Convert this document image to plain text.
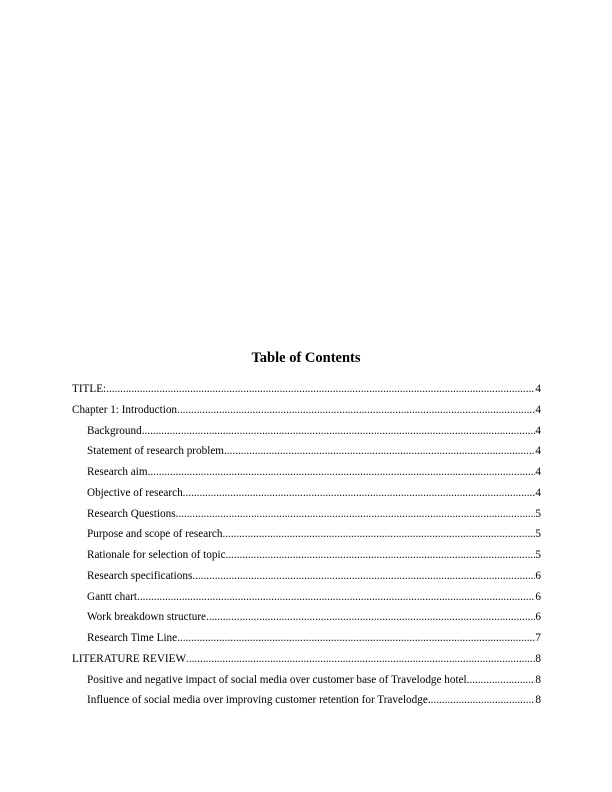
Table of Contents
TITLE: .....	4
Chapter 1: Introduction .....	4
Background .....	4
Statement of research problem .....	4
Research aim .....	4
Objective of research .....	4
Research Questions .....	5
Purpose and scope of research .....	5
Rationale for selection of topic .....	5
Research specifications .....	6
Gantt chart .....	6
Work breakdown structure .....	6
Research Time Line .....	7
LITERATURE REVIEW .....	8
Positive and negative impact of social media over customer base of Travelodge hotel .....	8
Influence of social media over improving customer retention for Travelodge .....	8
